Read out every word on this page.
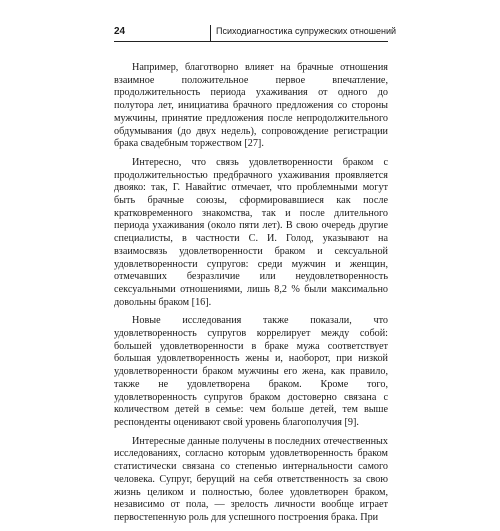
24	Психодиагностика супружеских отношений

Например, благотворно влияет на брачные отношения взаимное положительное первое впечатление, продолжительность периода ухаживания от одного до полутора лет, инициатива брачного предложения со стороны мужчины, принятие предложения после непродолжительного обдумывания (до двух недель), сопровождение регистрации брака свадебным торжеством [27].

Интересно, что связь удовлетворенности браком с продолжительностью предбрачного ухаживания проявляется двояко: так, Г. Навайтис отмечает, что проблемными могут быть брачные союзы, сформировавшиеся как после кратковременного знакомства, так и после длительного периода ухаживания (около пяти лет). В свою очередь другие специалисты, в частности С. И. Голод, указывают на взаимосвязь удовлетворенности браком и сексуальной удовлетворенности супругов: среди мужчин и женщин, отмечавших безразличие или неудовлетворенность сексуальными отношениями, лишь 8,2 % были максимально довольны браком [16].

Новые исследования также показали, что удовлетворенность супругов коррелирует между собой: большей удовлетворенности в браке мужа соответствует большая удовлетворенность жены и, наоборот, при низкой удовлетворенности браком мужчины его жена, как правило, также не удовлетворена браком. Кроме того, удовлетворенность супругов браком достоверно связана с количеством детей в семье: чем больше детей, тем выше респонденты оценивают свой уровень благополучия [9].

Интересные данные получены в последних отечественных исследованиях, согласно которым удовлетворенность браком статистически связана со степенью интернальности самого человека. Супруг, берущий на себя ответственность за свою жизнь целиком и полностью, более удовлетворен браком, независимо от пола, — зрелость личности вообще играет первостепенную роль для успешного построения брака. При
